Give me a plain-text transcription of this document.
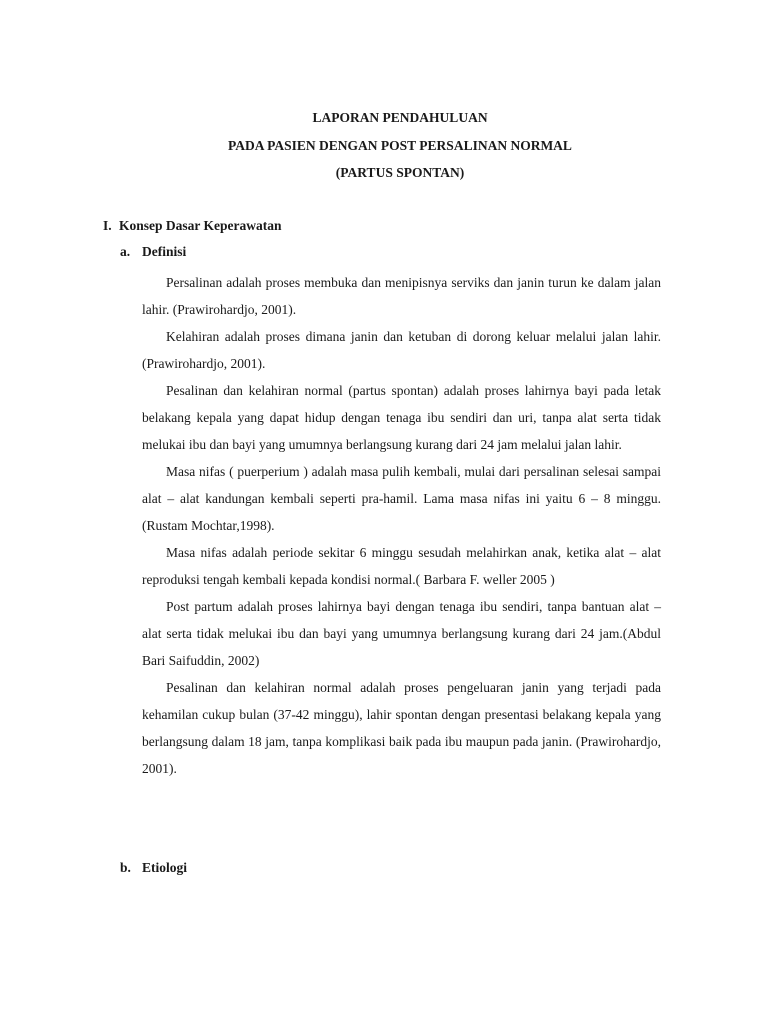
LAPORAN PENDAHULUAN
PADA PASIEN DENGAN POST PERSALINAN NORMAL
(PARTUS SPONTAN)
I. Konsep Dasar Keperawatan
a. Definisi

Persalinan adalah proses membuka dan menipisnya serviks dan janin turun ke dalam jalan lahir. (Prawirohardjo, 2001).

Kelahiran adalah proses dimana janin dan ketuban di dorong keluar melalui jalan lahir. (Prawirohardjo, 2001).

Pesalinan dan kelahiran normal (partus spontan) adalah proses lahirnya bayi pada letak belakang kepala yang dapat hidup dengan tenaga ibu sendiri dan uri, tanpa alat serta tidak melukai ibu dan bayi yang umumnya berlangsung kurang dari 24 jam melalui jalan lahir.

Masa nifas ( puerperium ) adalah masa pulih kembali, mulai dari persalinan selesai sampai alat – alat kandungan kembali seperti pra-hamil. Lama masa nifas ini yaitu 6 – 8 minggu.(Rustam Mochtar,1998).

Masa nifas adalah periode sekitar 6 minggu sesudah melahirkan anak, ketika alat – alat reproduksi tengah kembali kepada kondisi normal.( Barbara F. weller 2005 )

Post partum adalah proses lahirnya bayi dengan tenaga ibu sendiri, tanpa bantuan alat – alat serta tidak melukai ibu dan bayi yang umumnya berlangsung kurang dari 24 jam.(Abdul Bari Saifuddin, 2002)

Pesalinan dan kelahiran normal adalah proses pengeluaran janin yang terjadi pada kehamilan cukup bulan (37-42 minggu), lahir spontan dengan presentasi belakang kepala yang berlangsung dalam 18 jam, tanpa komplikasi baik pada ibu maupun pada janin. (Prawirohardjo, 2001).

b. Etiologi
